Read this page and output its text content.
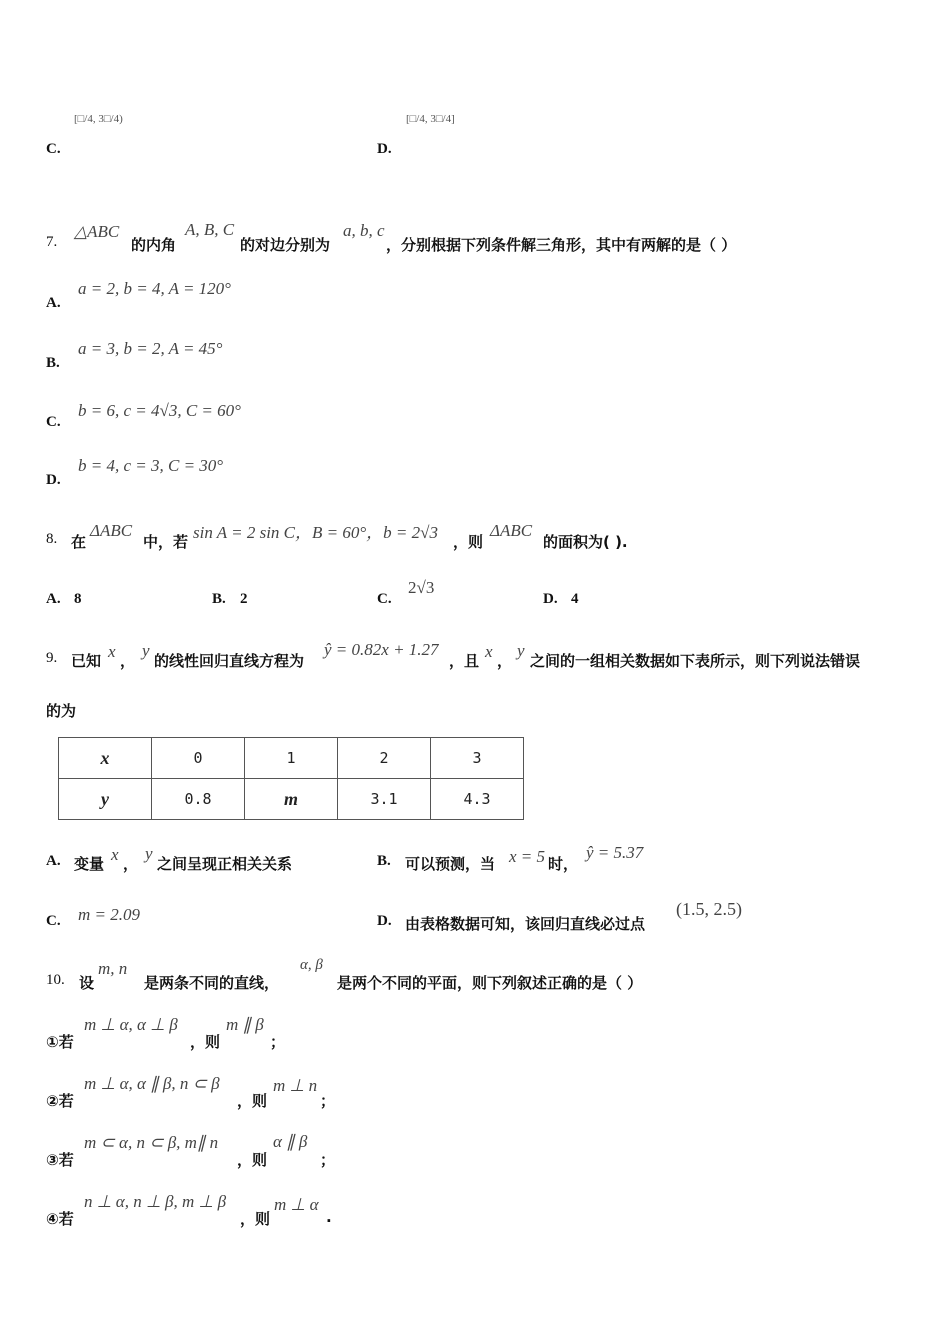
[□/4, 3□/4)
C.
[□/4, 3□/4]
D.
7.
△ABC
的内角
A, B, C
的对边分别为
a, b, c
，分别根据下列条件解三角形，其中有两解的是（ ）
A.
a = 2, b = 4, A = 120°
B.
a = 3, b = 2, A = 45°
C.
b = 6, c = 4√3, C = 60°
D.
b = 4, c = 3, C = 30°
8. 在
ΔABC
中，若 sin A = 2 sin C，B = 60°，b = 2√3 ，则
ΔABC
的面积为( ).
A. 8	B. 2	C.
2√3
D. 4
9. 已知 x ，
y
的线性回归直线方程为
ŷ = 0.82x + 1.27
，且 x ，
y
之间的一组相关数据如下表所示，则下列说法错误
的为
x	0	1	2	3
y	0.8	m	3.1	4.3
A. 变量 x ，
y
之间呈现正相关关系	B. 可以预测，当 x = 5 时，
ŷ = 5.37
C. m = 2.09	D. 由表格数据可知，该回归直线必过点
(1.5, 2.5)
10. 设
m, n
是两条不同的直线，
α, β
是两个不同的平面，则下列叙述正确的是（ ）
①若
m ⊥ α, α ⊥ β
，则
m ∥ β
；
②若
m ⊥ α, α ∥ β, n ⊂ β
，则
m ⊥ n
；
③若
m ⊂ α, n ⊂ β, m∥ n
，则
α ∥ β
；
④若
n ⊥ α, n ⊥ β, m ⊥ β
，则
m ⊥ α
.
